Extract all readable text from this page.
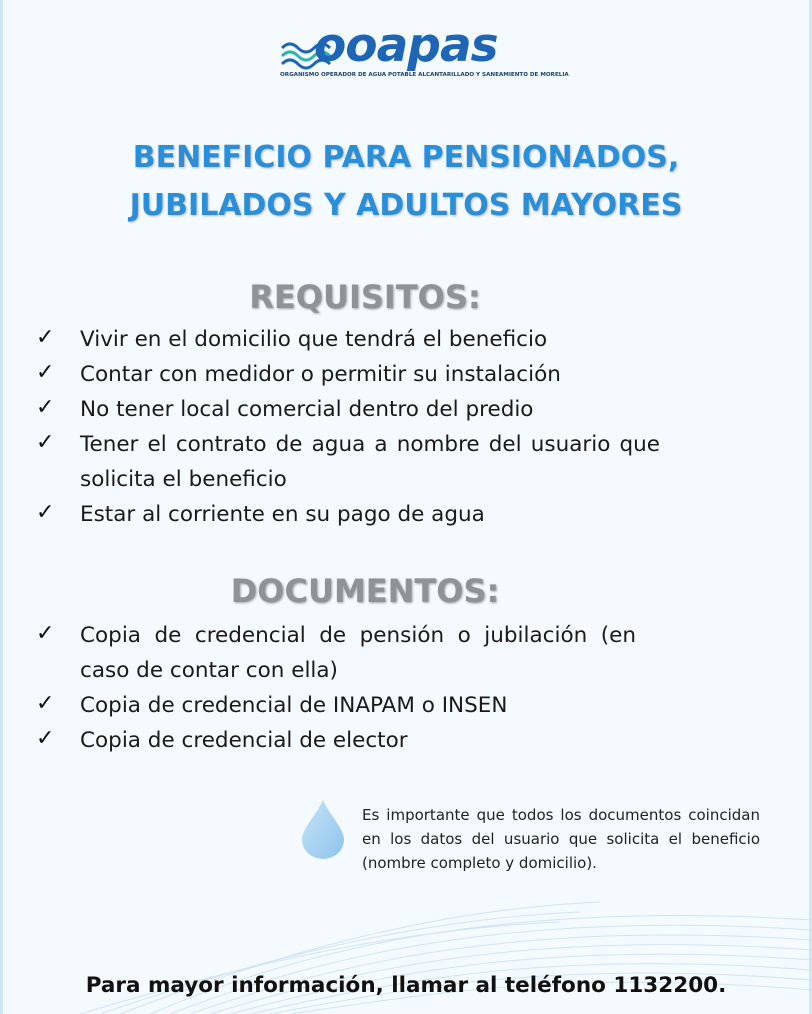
ooapas
ORGANISMO OPERADOR DE AGUA POTABLE ALCANTARILLADO Y SANEAMIENTO DE MORELIA
BENEFICIO PARA PENSIONADOS,
JUBILADOS Y ADULTOS MAYORES
REQUISITOS:
✓ Vivir en el domicilio que tendrá el beneficio
✓ Contar con medidor o permitir su instalación
✓ No tener local comercial dentro del predio
✓ Tener el contrato de agua a nombre del usuario que solicita el beneficio
✓ Estar al corriente en su pago de agua
DOCUMENTOS:
✓ Copia de credencial de pensión o jubilación (en caso de contar con ella)
✓ Copia de credencial de INAPAM o INSEN
✓ Copia de credencial de elector
Es importante que todos los documentos coincidan en los datos del usuario que solicita el beneficio (nombre completo y domicilio).
Para mayor información, llamar al teléfono 1132200.
